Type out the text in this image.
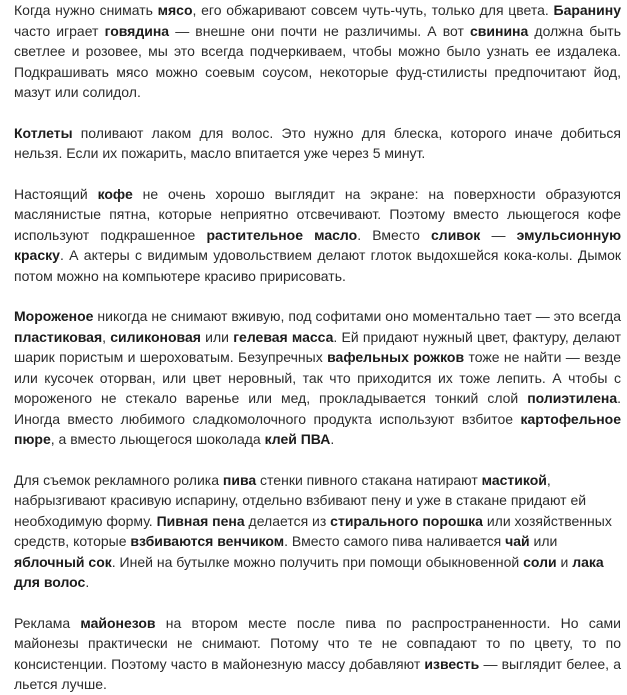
Когда нужно снимать мясо, его обжаривают совсем чуть-чуть, только для цвета. Баранину часто играет говядина — внешне они почти не различимы. А вот свинина должна быть светлее и розовее, мы это всегда подчеркиваем, чтобы можно было узнать ее издалека. Подкрашивать мясо можно соевым соусом, некоторые фуд-стилисты предпочитают йод, мазут или солидол.

Котлеты поливают лаком для волос. Это нужно для блеска, которого иначе добиться нельзя. Если их пожарить, масло впитается уже через 5 минут.

Настоящий кофе не очень хорошо выглядит на экране: на поверхности образуются маслянистые пятна, которые неприятно отсвечивают. Поэтому вместо льющегося кофе используют подкрашенное растительное масло. Вместо сливок — эмульсионную краску. А актеры с видимым удовольствием делают глоток выдохшейся кока-колы. Дымок потом можно на компьютере красиво пририсовать.

Мороженое никогда не снимают вживую, под софитами оно моментально тает — это всегда пластиковая, силиконовая или гелевая масса. Ей придают нужный цвет, фактуру, делают шарик пористым и шероховатым. Безупречных вафельных рожков тоже не найти — везде или кусочек оторван, или цвет неровный, так что приходится их тоже лепить. А чтобы с мороженого не стекало варенье или мед, прокладывается тонкий слой полиэтилена. Иногда вместо любимого сладкомолочного продукта используют взбитое картофельное пюре, а вместо льющегося шоколада клей ПВА.

Для съемок рекламного ролика пива стенки пивного стакана натирают мастикой, набрызгивают красивую испарину, отдельно взбивают пену и уже в стакане придают ей необходимую форму. Пивная пена делается из стирального порошка или хозяйственных средств, которые взбиваются венчиком. Вместо самого пива наливается чай или яблочный сок. Иней на бутылке можно получить при помощи обыкновенной соли и лака для волос.

Реклама майонезов на втором месте после пива по распространенности. Но сами майонезы практически не снимают. Потому что те не совпадают то по цвету, то по консистенции. Поэтому часто в майонезную массу добавляют известь — выглядит белее, а льется лучше.
